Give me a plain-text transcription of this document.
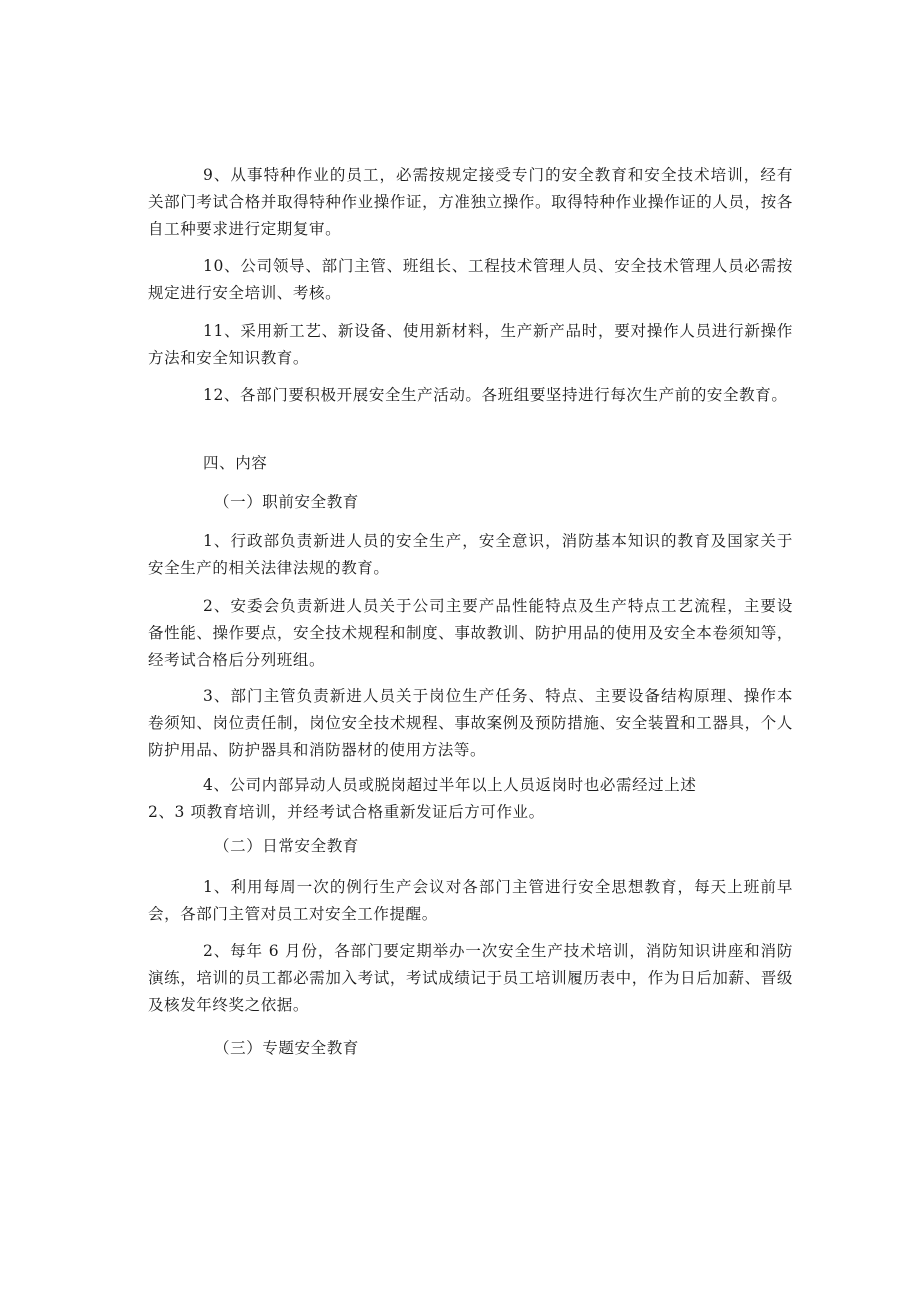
9、从事特种作业的员工，必需按规定接受专门的安全教育和安全技术培训，经有关部门考试合格并取得特种作业操作证，方准独立操作。取得特种作业操作证的人员，按各自工种要求进行定期复审。

10、公司领导、部门主管、班组长、工程技术管理人员、安全技术管理人员必需按规定进行安全培训、考核。

11、采用新工艺、新设备、使用新材料，生产新产品时，要对操作人员进行新操作方法和安全知识教育。

12、各部门要积极开展安全生产活动。各班组要坚持进行每次生产前的安全教育。

四、内容

（一）职前安全教育

1、行政部负责新进人员的安全生产，安全意识，消防基本知识的教育及国家关于安全生产的相关法律法规的教育。

2、安委会负责新进人员关于公司主要产品性能特点及生产特点工艺流程，主要设备性能、操作要点，安全技术规程和制度、事故教训、防护用品的使用及安全本卷须知等，经考试合格后分列班组。

3、部门主管负责新进人员关于岗位生产任务、特点、主要设备结构原理、操作本卷须知、岗位责任制，岗位安全技术规程、事故案例及预防措施、安全装置和工器具，个人防护用品、防护器具和消防器材的使用方法等。

4、公司内部异动人员或脱岗超过半年以上人员返岗时也必需经过上述
2、3 项教育培训，并经考试合格重新发证后方可作业。

（二）日常安全教育

1、利用每周一次的例行生产会议对各部门主管进行安全思想教育，每天上班前早会，各部门主管对员工对安全工作提醒。

2、每年 6 月份，各部门要定期举办一次安全生产技术培训，消防知识讲座和消防演练，培训的员工都必需加入考试，考试成绩记于员工培训履历表中，作为日后加薪、晋级及核发年终奖之依据。

（三）专题安全教育
